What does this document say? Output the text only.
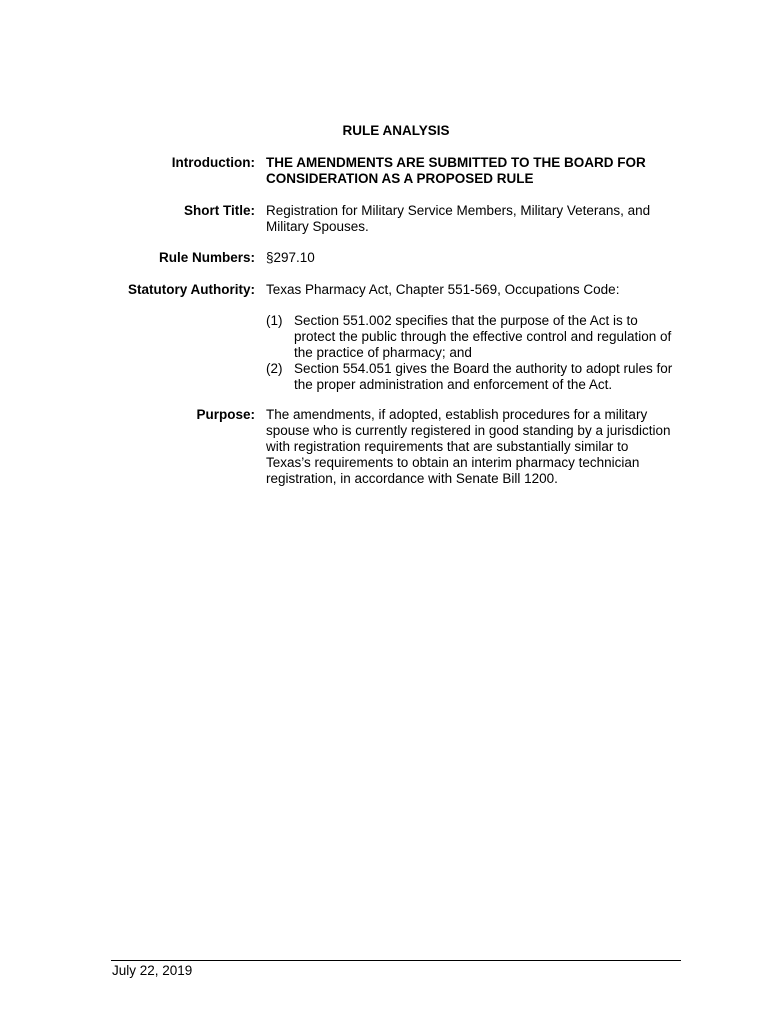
RULE ANALYSIS
Introduction: THE AMENDMENTS ARE SUBMITTED TO THE BOARD FOR CONSIDERATION AS A PROPOSED RULE
Short Title: Registration for Military Service Members, Military Veterans, and Military Spouses.
Rule Numbers: §297.10
Statutory Authority: Texas Pharmacy Act, Chapter 551-569, Occupations Code:
(1) Section 551.002 specifies that the purpose of the Act is to protect the public through the effective control and regulation of the practice of pharmacy; and
(2) Section 554.051 gives the Board the authority to adopt rules for the proper administration and enforcement of the Act.
Purpose: The amendments, if adopted, establish procedures for a military spouse who is currently registered in good standing by a jurisdiction with registration requirements that are substantially similar to Texas’s requirements to obtain an interim pharmacy technician registration, in accordance with Senate Bill 1200.
July 22, 2019
